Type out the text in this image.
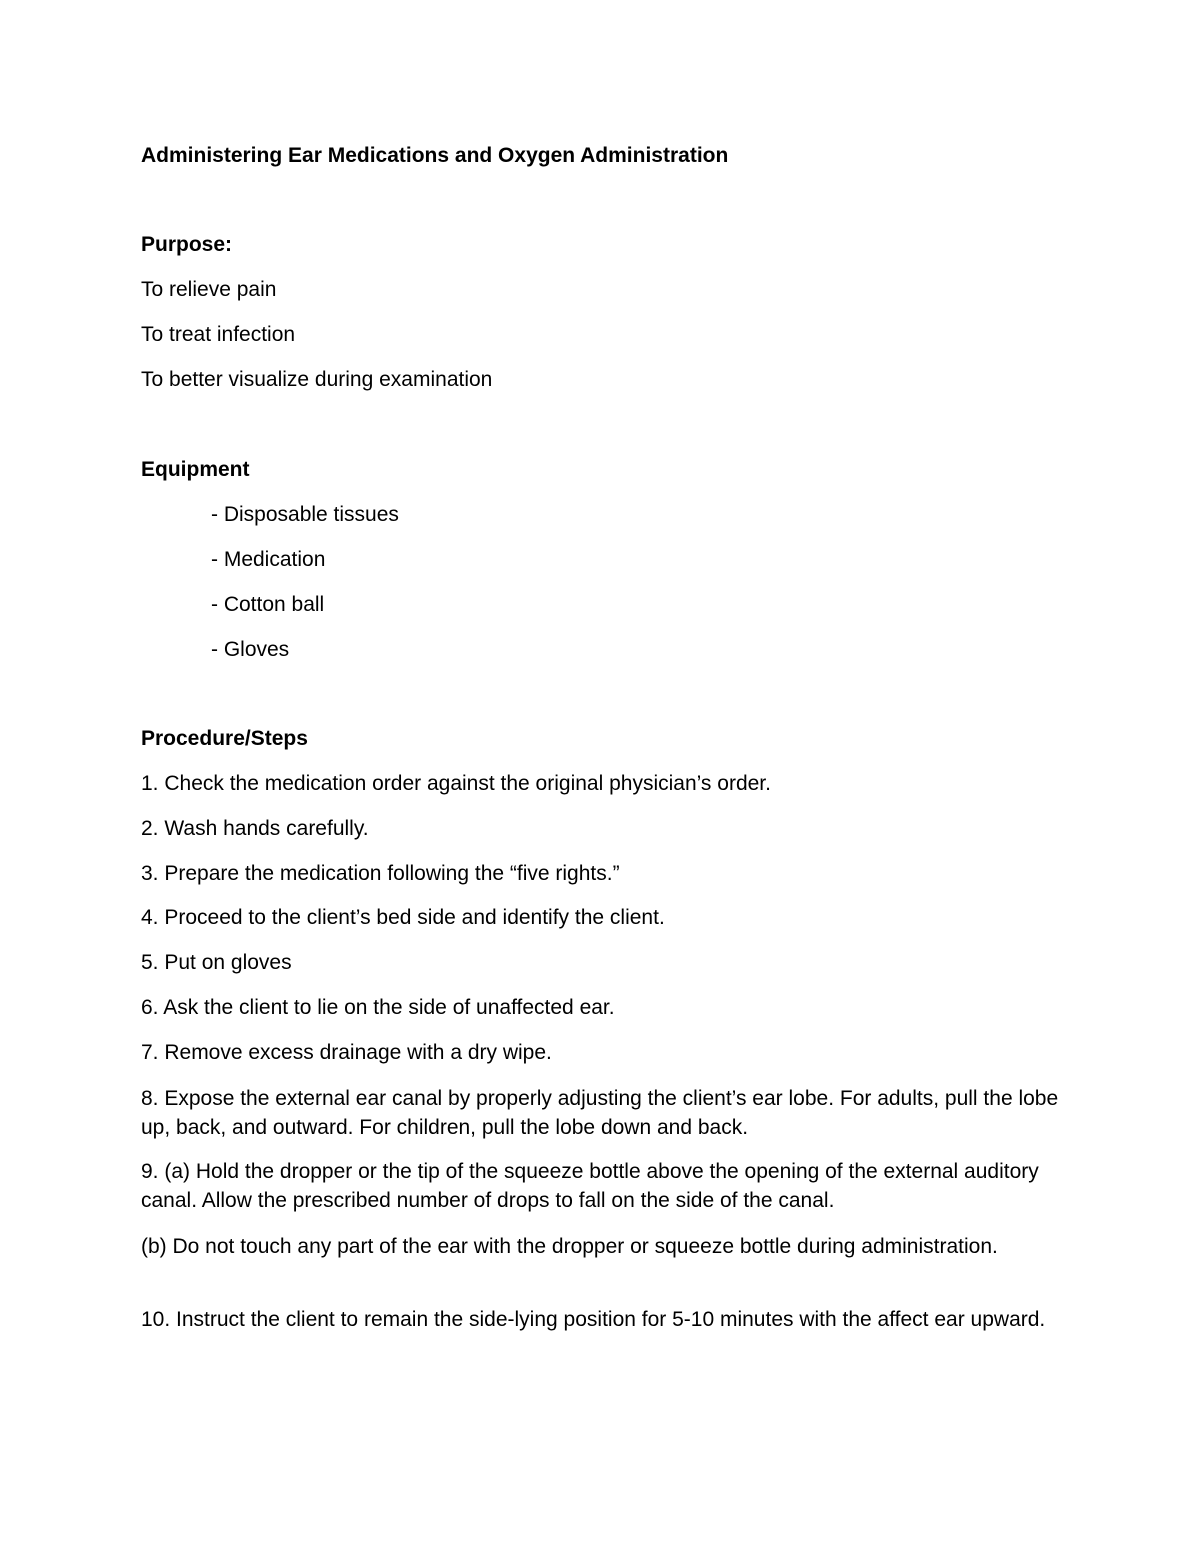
Administering Ear Medications and Oxygen Administration
Purpose:
To relieve pain
To treat infection
To better visualize during examination
Equipment
- Disposable tissues
- Medication
- Cotton ball
- Gloves
Procedure/Steps
1. Check the medication order against the original physician’s order.
2. Wash hands carefully.
3. Prepare the medication following the “five rights.”
4. Proceed to the client’s bed side and identify the client.
5. Put on gloves
6. Ask the client to lie on the side of unaffected ear.
7. Remove excess drainage with a dry wipe.
8. Expose the external ear canal by properly adjusting the client’s ear lobe. For adults, pull the lobe up, back, and outward. For children, pull the lobe down and back.
9. (a) Hold the dropper or the tip of the squeeze bottle above the opening of the external auditory canal. Allow the prescribed number of drops to fall on the side of the canal.
(b) Do not touch any part of the ear with the dropper or squeeze bottle during administration.
10. Instruct the client to remain the side-lying position for 5-10 minutes with the affect ear upward.
